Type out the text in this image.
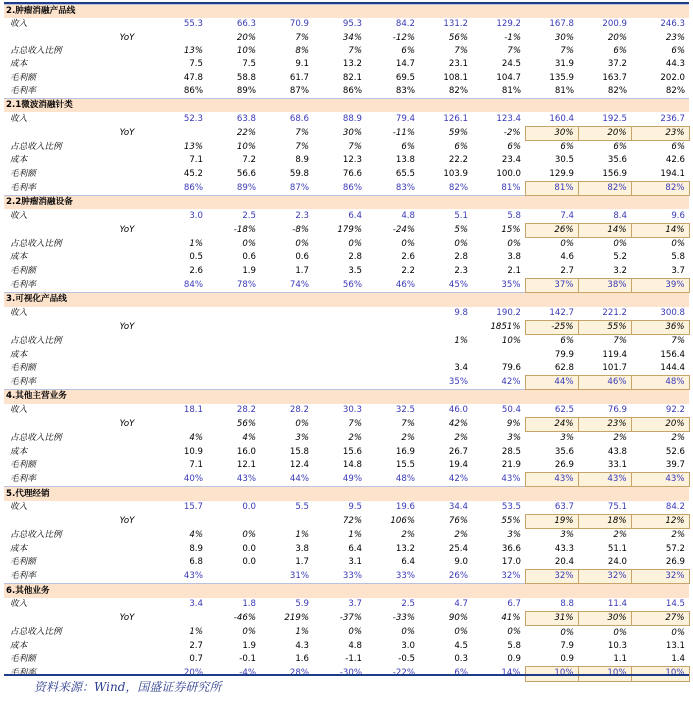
2.肿瘤消融产品线											
收入		55.3	66.3	70.9	95.3	84.2	131.2	129.2	167.8	200.9	246.3
	YoY		20%	7%	34%	-12%	56%	-1%	30%	20%	23%
占总收入比例		13%	10%	8%	7%	6%	7%	7%	7%	6%	6%
成本		7.5	7.5	9.1	13.2	14.7	23.1	24.5	31.9	37.2	44.3
毛利额		47.8	58.8	61.7	82.1	69.5	108.1	104.7	135.9	163.7	202.0
毛利率		86%	89%	87%	86%	83%	82%	81%	81%	82%	82%
2.1微波消融针类											
收入		52.3	63.8	68.6	88.9	79.4	126.1	123.4	160.4	192.5	236.7
	YoY		22%	7%	30%	-11%	59%	-2%	30%	20%	23%
占总收入比例		13%	10%	7%	7%	6%	6%	6%	6%	6%	6%
成本		7.1	7.2	8.9	12.3	13.8	22.2	23.4	30.5	35.6	42.6
毛利额		45.2	56.6	59.8	76.6	65.5	103.9	100.0	129.9	156.9	194.1
毛利率		86%	89%	87%	86%	83%	82%	81%	81%	82%	82%
2.2肿瘤消融设备											
收入		3.0	2.5	2.3	6.4	4.8	5.1	5.8	7.4	8.4	9.6
	YoY		-18%	-8%	179%	-24%	5%	15%	26%	14%	14%
占总收入比例		1%	0%	0%	0%	0%	0%	0%	0%	0%	0%
成本		0.5	0.6	0.6	2.8	2.6	2.8	3.8	4.6	5.2	5.8
毛利额		2.6	1.9	1.7	3.5	2.2	2.3	2.1	2.7	3.2	3.7
毛利率		84%	78%	74%	56%	46%	45%	35%	37%	38%	39%
3.可视化产品线											
收入							9.8	190.2	142.7	221.2	300.8
	YoY							1851%	-25%	55%	36%
占总收入比例							1%	10%	6%	7%	7%
成本									79.9	119.4	156.4
毛利额							3.4	79.6	62.8	101.7	144.4
毛利率							35%	42%	44%	46%	48%
4.其他主营业务											
收入		18.1	28.2	28.2	30.3	32.5	46.0	50.4	62.5	76.9	92.2
	YoY		56%	0%	7%	7%	42%	9%	24%	23%	20%
占总收入比例		4%	4%	3%	2%	2%	2%	3%	3%	2%	2%
成本		10.9	16.0	15.8	15.6	16.9	26.7	28.5	35.6	43.8	52.6
毛利额		7.1	12.1	12.4	14.8	15.5	19.4	21.9	26.9	33.1	39.7
毛利率		40%	43%	44%	49%	48%	42%	43%	43%	43%	43%
5.代理经销											
收入		15.7	0.0	5.5	9.5	19.6	34.4	53.5	63.7	75.1	84.2
	YoY				72%	106%	76%	55%	19%	18%	12%
占总收入比例		4%	0%	1%	1%	2%	2%	3%	3%	2%	2%
成本		8.9	0.0	3.8	6.4	13.2	25.4	36.6	43.3	51.1	57.2
毛利额		6.8	0.0	1.7	3.1	6.4	9.0	17.0	20.4	24.0	26.9
毛利率		43%		31%	33%	33%	26%	32%	32%	32%	32%
6.其他业务											
收入		3.4	1.8	5.9	3.7	2.5	4.7	6.7	8.8	11.4	14.5
	YoY		-46%	219%	-37%	-33%	90%	41%	31%	30%	27%
占总收入比例		1%	0%	1%	0%	0%	0%	0%	0%	0%	0%
成本		2.7	1.9	4.3	4.8	3.0	4.5	5.8	7.9	10.3	13.1
毛利额		0.7	-0.1	1.6	-1.1	-0.5	0.3	0.9	0.9	1.1	1.4
毛利率		20%	-4%	28%	-30%	-22%	6%	14%	10%	10%	10%
资料来源：Wind，国盛证券研究所
